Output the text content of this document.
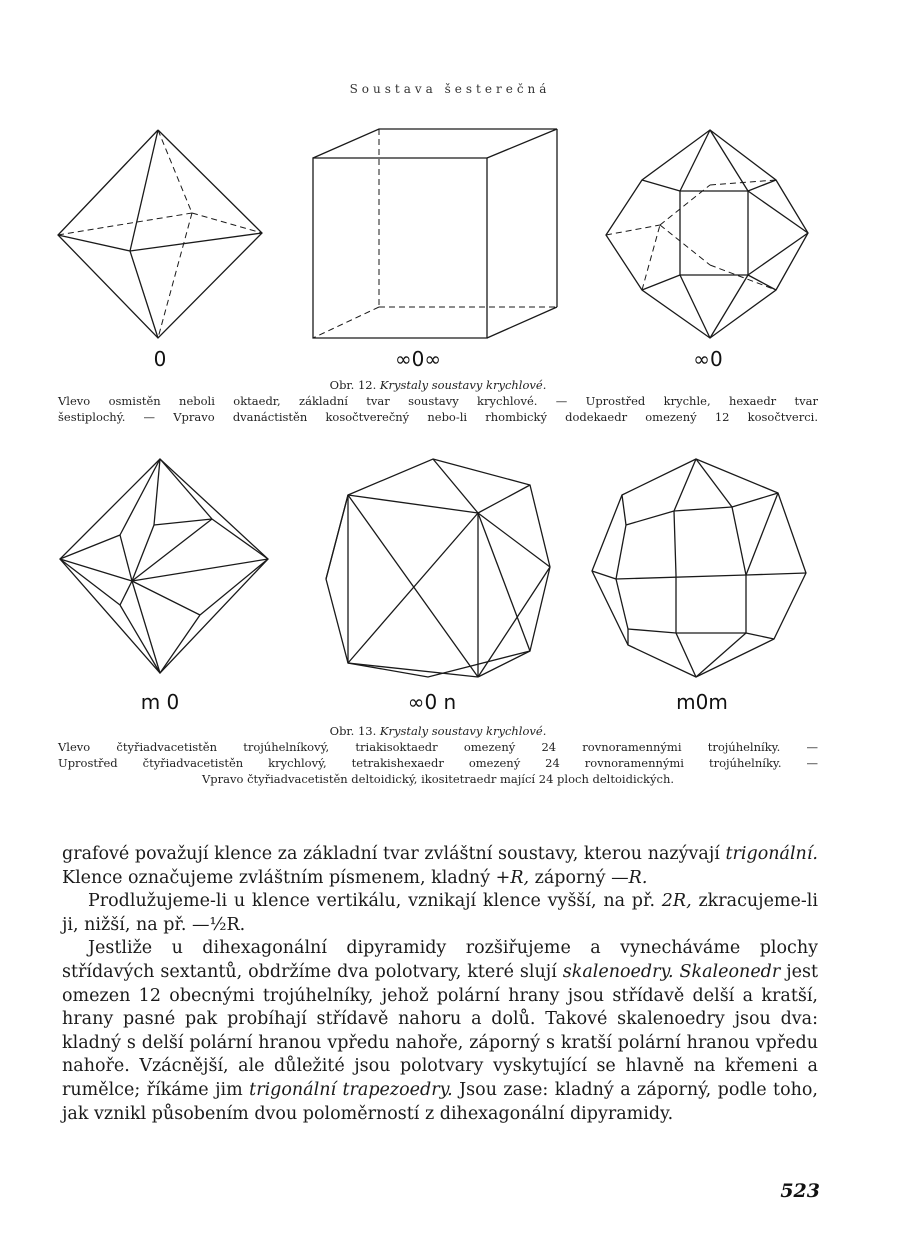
Soustava šesterečná
0	∞0∞	∞0
Obr. 12. Krystaly soustavy krychlové.
Vlevo osmistěn neboli oktaedr, základní tvar soustavy krychlové. — Uprostřed krychle, hexaedr tvar
šestiplochý. — Vpravo dvanáctistěn kosočtverečný nebo-li rhombický dodekaedr omezený 12 kosočtverci.
m 0	∞0 n	m0m
Obr. 13. Krystaly soustavy krychlové.
Vlevo čtyřiadvacetistěn trojúhelníkový, triakisoktaedr omezený 24 rovnoramennými trojúhelníky. —
Uprostřed čtyřiadvacetistěn krychlový, tetrakishexaedr omezený 24 rovnoramennými trojúhelníky. —
Vpravo čtyřiadvacetistěn deltoidický, ikositetraedr mající 24 ploch deltoidických.

grafové považují klence za základní tvar zvláštní soustavy, kterou nazývají trigonální. Klence označujeme zvláštním písmenem, kladný +R, záporný —R.

Prodlužujeme-li u klence vertikálu, vznikají klence vyšší, na př. 2R, zkracujeme-li ji, nižší, na př. —½R.

Jestliže u dihexagonální dipyramidy rozšiřujeme a vynecháváme plochy střídavých sextantů, obdržíme dva polotvary, které slují skalenoedry. Skaleonedr jest omezen 12 obecnými trojúhelníky, jehož polární hrany jsou střídavě delší a kratší, hrany pasné pak probíhají střídavě nahoru a dolů. Takové skalenoedry jsou dva: kladný s delší polární hranou vpředu nahoře, záporný s kratší polární hranou vpředu nahoře. Vzácnější, ale důležité jsou polotvary vyskytující se hlavně na křemeni a rumělce; říkáme jim trigonální trapezoedry. Jsou zase: kladný a záporný, podle toho, jak vznikl působením dvou poloměrností z dihexagonální dipyramidy.

523
